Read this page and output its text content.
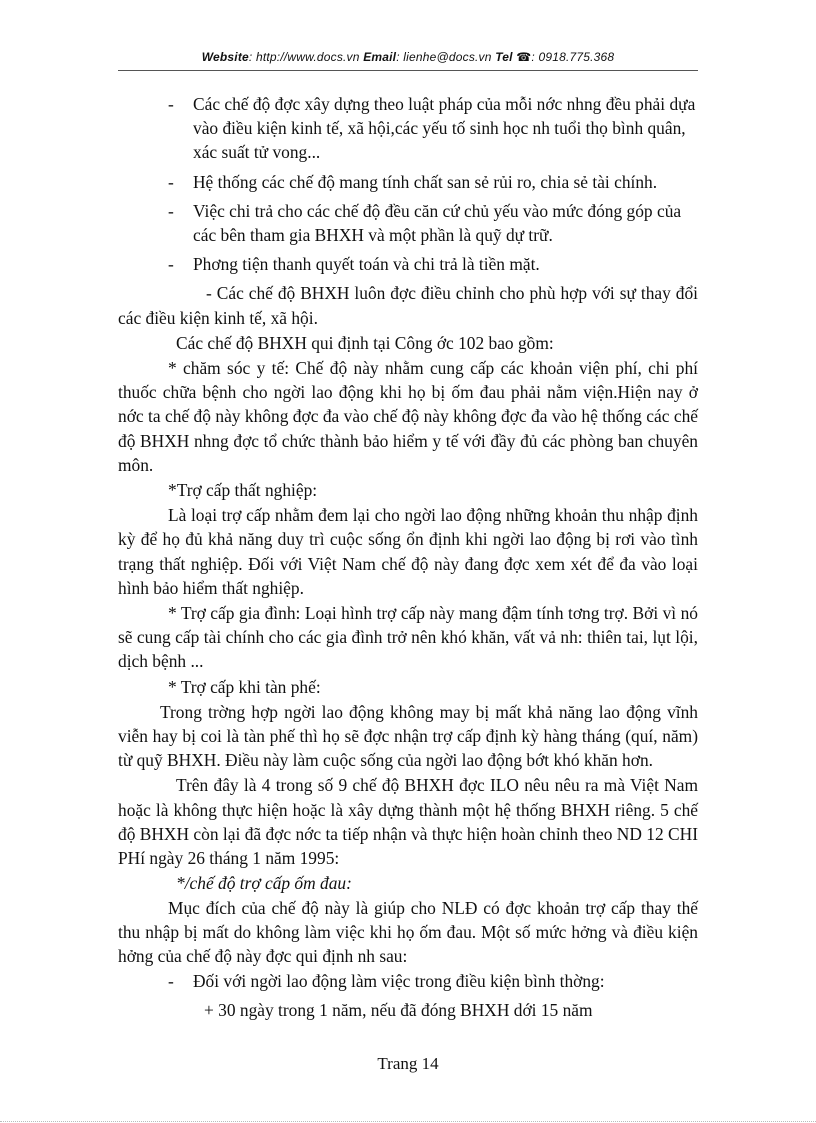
Website: http://www.docs.vn Email: lienhe@docs.vn Tel ☎: 0918.775.368
- Các chế độ đợc xây dựng theo luật pháp của mỗi nớc nhng đều phải dựa vào điều kiện kinh tế, xã hội,các yếu tố sinh học nh tuổi thọ bình quân, xác suất tử vong...
- Hệ thống các chế độ mang tính chất san sẻ rủi ro, chia sẻ tài chính.
- Việc chi trả cho các chế độ đều căn cứ chủ yếu vào mức đóng góp của các bên tham gia BHXH và một phần là quỹ dự trữ.
- Phơng tiện thanh quyết toán và chi trả là tiền mặt.

- Các chế độ BHXH luôn đợc điều chỉnh cho phù hợp với sự thay đổi các điều kiện kinh tế, xã hội.

Các chế độ BHXH qui định tại Công ớc 102 bao gồm:

* chăm sóc y tế: Chế độ này nhằm cung cấp các khoản viện phí, chi phí thuốc chữa bệnh cho ngời lao động khi họ bị ốm đau phải nằm viện.Hiện nay ở nớc ta chế độ này không đợc đa vào chế độ này không đợc đa vào hệ thống các chế độ BHXH nhng đợc tổ chức thành bảo hiểm y tế với đầy đủ các phòng ban chuyên môn.

*Trợ cấp thất nghiệp:

Là loại trợ cấp nhằm đem lại cho ngời lao động những khoản thu nhập định kỳ để họ đủ khả năng duy trì cuộc sống ổn định khi ngời lao động bị rơi vào tình trạng thất nghiệp. Đối với Việt Nam chế độ này đang đợc xem xét để đa vào loại hình bảo hiểm thất nghiệp.

* Trợ cấp gia đình: Loại hình trợ cấp này mang đậm tính tơng trợ. Bởi vì nó sẽ cung cấp tài chính cho các gia đình trở nên khó khăn, vất vả nh: thiên tai, lụt lội, dịch bệnh ...

* Trợ cấp khi tàn phế:

Trong trờng hợp ngời lao động không may bị mất khả năng lao động vĩnh viễn hay bị coi là tàn phế thì họ sẽ đợc nhận trợ cấp định kỳ hàng tháng (quí, năm) từ quỹ BHXH. Điều này làm cuộc sống của ngời lao động bớt khó khăn hơn.

Trên đây là 4 trong số 9 chế độ BHXH đợc ILO nêu nêu ra mà Việt Nam hoặc là không thực hiện hoặc là xây dựng thành một hệ thống BHXH riêng. 5 chế độ BHXH còn lại đã đợc nớc ta tiếp nhận và thực hiện hoàn chỉnh theo ND 12 CHI PHí ngày 26 tháng 1 năm 1995:

*/chế độ trợ cấp ốm đau:

Mục đích của chế độ này là giúp cho NLĐ có đợc khoản trợ cấp thay thế thu nhập bị mất do không làm việc khi họ ốm đau. Một số mức hởng và điều kiện hởng của chế độ này đợc qui định nh sau:

- Đối với ngời lao động làm việc trong điều kiện bình thờng:

+ 30 ngày trong 1 năm, nếu đã đóng BHXH dới 15 năm

Trang 14
